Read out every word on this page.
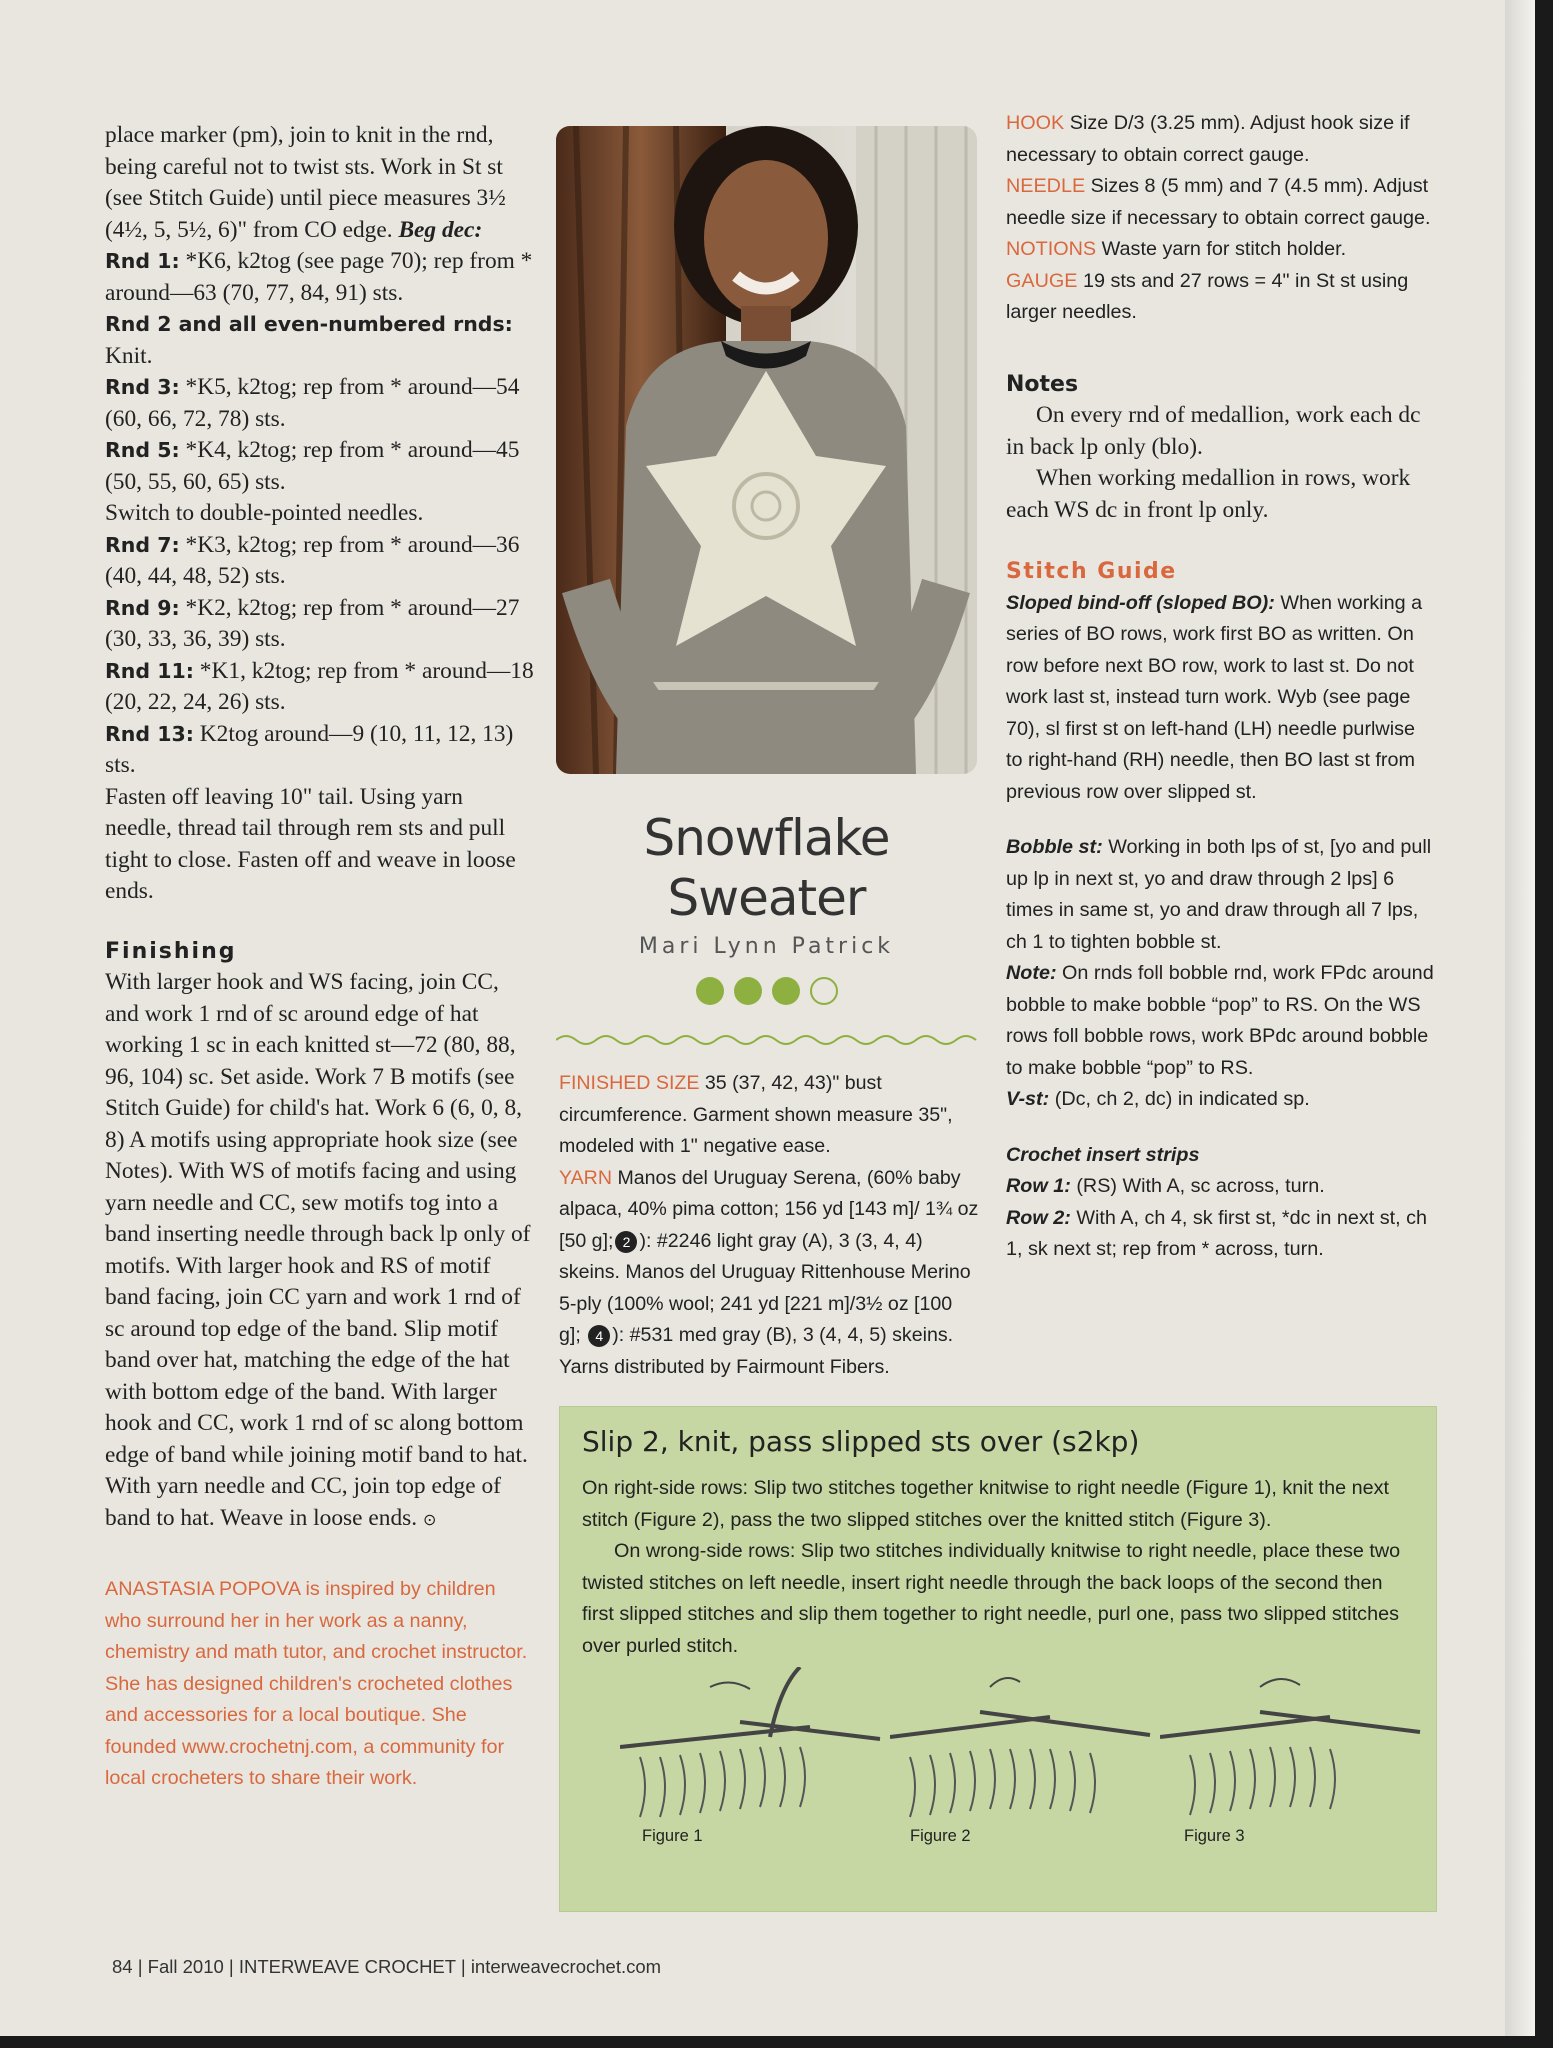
place marker (pm), join to knit in the rnd, being careful not to twist sts. Work in St st (see Stitch Guide) until piece measures 3½ (4½, 5, 5½, 6)" from CO edge. Beg dec:

Rnd 1: *K6, k2tog (see page 70); rep from * around—63 (70, 77, 84, 91) sts.

Rnd 2 and all even-numbered rnds: Knit.

Rnd 3: *K5, k2tog; rep from * around—54 (60, 66, 72, 78) sts.

Rnd 5: *K4, k2tog; rep from * around—45 (50, 55, 60, 65) sts.

Switch to double-pointed needles.

Rnd 7: *K3, k2tog; rep from * around—36 (40, 44, 48, 52) sts.

Rnd 9: *K2, k2tog; rep from * around—27 (30, 33, 36, 39) sts.

Rnd 11: *K1, k2tog; rep from * around—18 (20, 22, 24, 26) sts.

Rnd 13: K2tog around—9 (10, 11, 12, 13) sts.

Fasten off leaving 10" tail. Using yarn needle, thread tail through rem sts and pull tight to close. Fasten off and weave in loose ends.

Finishing

With larger hook and WS facing, join CC, and work 1 rnd of sc around edge of hat working 1 sc in each knitted st—72 (80, 88, 96, 104) sc. Set aside. Work 7 B motifs (see Stitch Guide) for child's hat. Work 6 (6, 0, 8, 8) A motifs using appropriate hook size (see Notes). With WS of motifs facing and using yarn needle and CC, sew motifs tog into a band inserting needle through back lp only of motifs. With larger hook and RS of motif band facing, join CC yarn and work 1 rnd of sc around top edge of the band. Slip motif band over hat, matching the edge of the hat with bottom edge of the band. With larger hook and CC, work 1 rnd of sc along bottom edge of band while joining motif band to hat. With yarn needle and CC, join top edge of band to hat. Weave in loose ends. ⊙

ANASTASIA POPOVA is inspired by children who surround her in her work as a nanny, chemistry and math tutor, and crochet instructor. She has designed children's crocheted clothes and accessories for a local boutique. She founded www.crochetnj.com, a community for local crocheters to share their work.
Snowflake
Sweater
Mari Lynn Patrick
FINISHED SIZE 35 (37, 42, 43)" bust circumference. Garment shown measure 35", modeled with 1" negative ease.
YARN Manos del Uruguay Serena, (60% baby alpaca, 40% pima cotton; 156 yd [143 m]/ 1¾ oz [50 g]; 2 ): #2246 light gray (A), 3 (3, 4, 4) skeins. Manos del Uruguay Rittenhouse Merino 5-ply (100% wool; 241 yd [221 m]/3½ oz [100 g]; 4 ): #531 med gray (B), 3 (4, 4, 5) skeins. Yarns distributed by Fairmount Fibers.

HOOK Size D/3 (3.25 mm). Adjust hook size if necessary to obtain correct gauge.

NEEDLE Sizes 8 (5 mm) and 7 (4.5 mm). Adjust needle size if necessary to obtain correct gauge.

NOTIONS Waste yarn for stitch holder.

GAUGE 19 sts and 27 rows = 4" in St st using larger needles.

Notes

On every rnd of medallion, work each dc in back lp only (blo).

When working medallion in rows, work each WS dc in front lp only.

Stitch Guide

Sloped bind-off (sloped BO): When working a series of BO rows, work first BO as written. On row before next BO row, work to last st. Do not work last st, instead turn work. Wyb (see page 70), sl first st on left-hand (LH) needle purlwise to right-hand (RH) needle, then BO last st from previous row over slipped st.

Bobble st: Working in both lps of st, [yo and pull up lp in next st, yo and draw through 2 lps] 6 times in same st, yo and draw through all 7 lps, ch 1 to tighten bobble st.

Note: On rnds foll bobble rnd, work FPdc around bobble to make bobble “pop” to RS. On the WS rows foll bobble rows, work BPdc around bobble to make bobble “pop” to RS.

V-st: (Dc, ch 2, dc) in indicated sp.

Crochet insert strips

Row 1: (RS) With A, sc across, turn.

Row 2: With A, ch 4, sk first st, *dc in next st, ch 1, sk next st; rep from * across, turn.

Slip 2, knit, pass slipped sts over (s2kp)

On right-side rows: Slip two stitches together knitwise to right needle (Figure 1), knit the next stitch (Figure 2), pass the two slipped stitches over the knitted stitch (Figure 3).

On wrong-side rows: Slip two stitches individually knitwise to right needle, place these two twisted stitches on left needle, insert right needle through the back loops of the second then first slipped stitches and slip them together to right needle, purl one, pass two slipped stitches over purled stitch.

Figure 1	Figure 2	Figure 3
84 | Fall 2010 | INTERWEAVE CROCHET | interweavecrochet.com
